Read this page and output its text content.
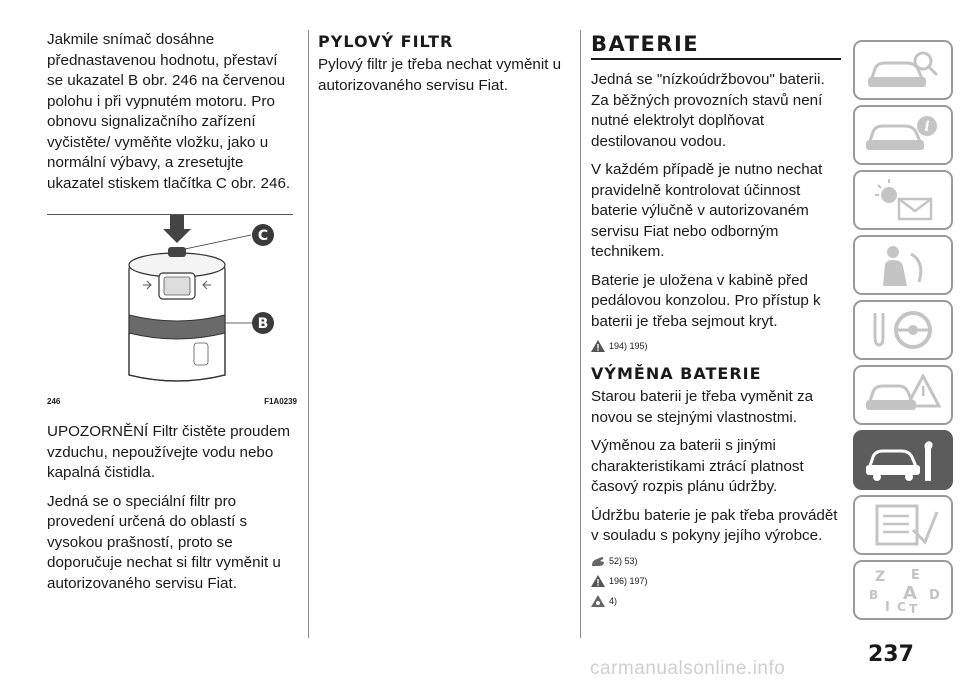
Jakmile snímač dosáhne přednastavenou hodnotu, přestaví se ukazatel B obr. 246 na červenou polohu i při vypnutém motoru. Pro obnovu signalizačního zařízení vyčistěte/ vyměňte vložku, jako u normální výbavy, a zresetujte ukazatel stiskem tlačítka C obr. 246.

C
B
246	F1A0239

UPOZORNĚNÍ Filtr čistěte proudem vzduchu, nepoužívejte vodu nebo kapalná čistidla.

Jedná se o speciální filtr pro provedení určená do oblastí s vysokou prašností, proto se doporučuje nechat si filtr vyměnit u autorizovaného servisu Fiat.

PYLOVÝ FILTR

Pylový filtr je třeba nechat vyměnit u autorizovaného servisu Fiat.

BATERIE

Jedná se "nízkoúdržbovou" baterii. Za běžných provozních stavů není nutné elektrolyt doplňovat destilovanou vodou.

V každém případě je nutno nechat pravidelně kontrolovat účinnost baterie výlučně v autorizovaném servisu Fiat nebo odborným technikem.

Baterie je uložena v kabině před pedálovou konzolou. Pro přístup k baterii je třeba sejmout kryt.

194) 195)
VÝMĚNA BATERIE

Starou baterii je třeba vyměnit za novou se stejnými vlastnostmi.

Výměnou za baterii s jinými charakteristikami ztrácí platnost časový rozpis plánu údržby.

Údržbu baterie je pak třeba provádět v souladu s pokyny jejího výrobce.

52) 53)
196) 197)
4)
i
Z E
B A D
I C T
237
carmanualsonline.info
